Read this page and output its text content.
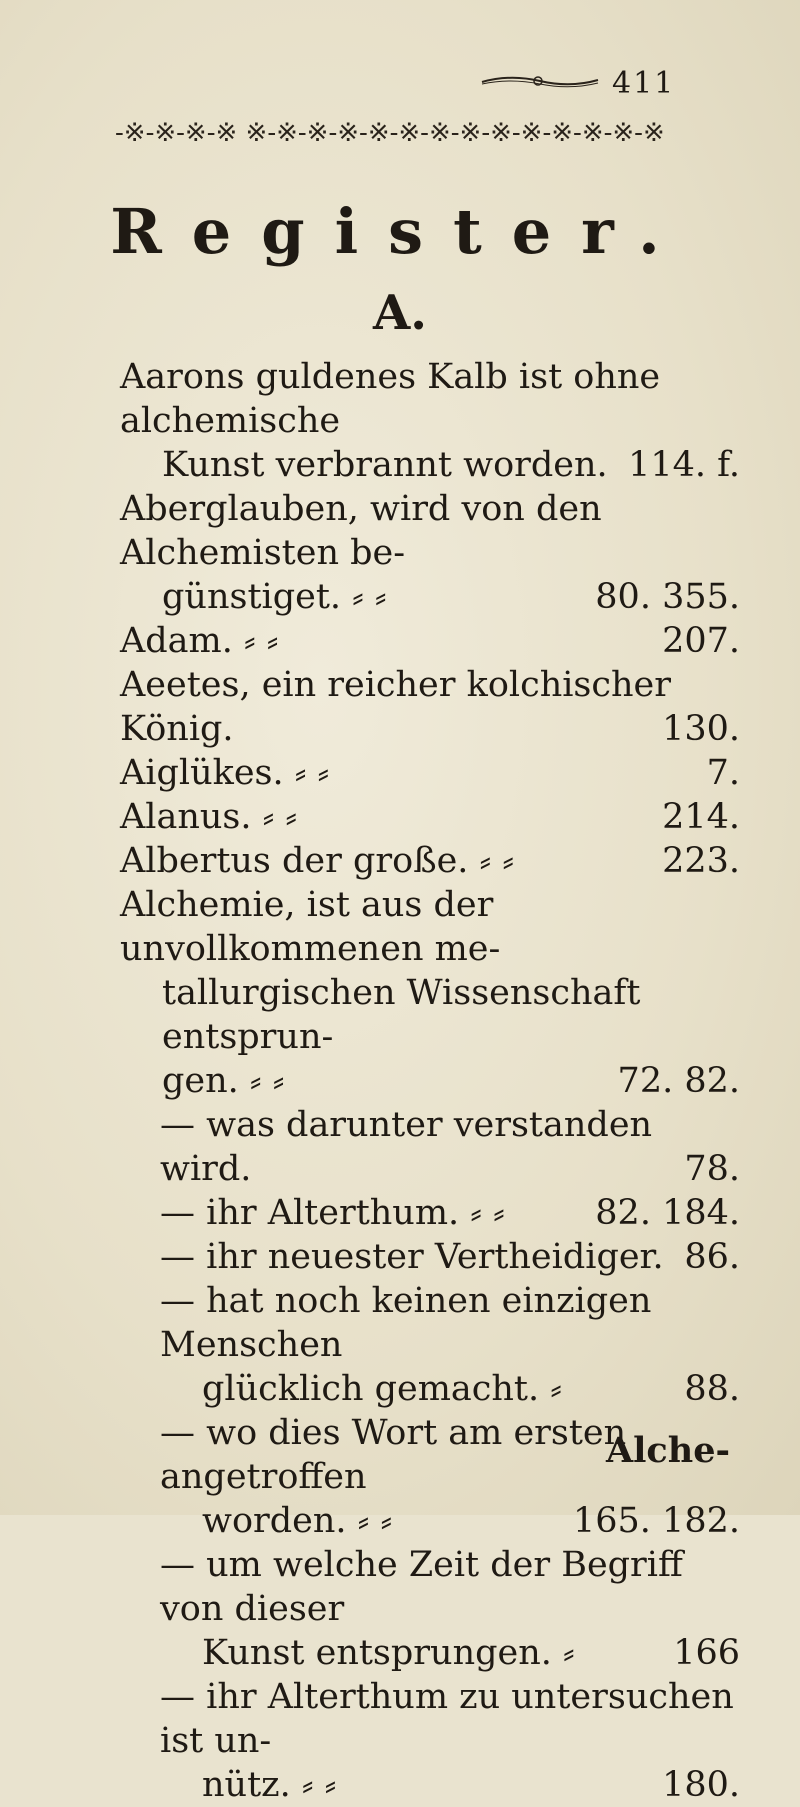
411
-※-※-※-※ ※-※-※-※-※-※-※-※-※-※-※-※-※-※
Register.
A.
Aarons guldenes Kalb ist ohne alchemische
Kunst verbrannt worden. 114. f.
Aberglauben, wird von den Alchemisten be-
günstiget. ⸗ ⸗	80. 355.
Adam. ⸗ ⸗	207.
Aeetes, ein reicher kolchischer König.	130.
Aiglükes. ⸗ ⸗	7.
Alanus. ⸗ ⸗	214.
Albertus der große. ⸗ ⸗	223.
Alchemie, ist aus der unvollkommenen me-
tallurgischen Wissenschaft entsprun-
gen. ⸗ ⸗	72. 82.
— was darunter verstanden wird.	78.
— ihr Alterthum. ⸗ ⸗	82. 184.
— ihr neuester Vertheidiger. 86.
— hat noch keinen einzigen Menschen
glücklich gemacht. ⸗	88.
— wo dies Wort am ersten angetroffen
worden. ⸗ ⸗	165. 182.
— um welche Zeit der Begriff von dieser
Kunst entsprungen. ⸗	166
— ihr Alterthum zu untersuchen ist un-
nütz. ⸗ ⸗	180.
Alche-
